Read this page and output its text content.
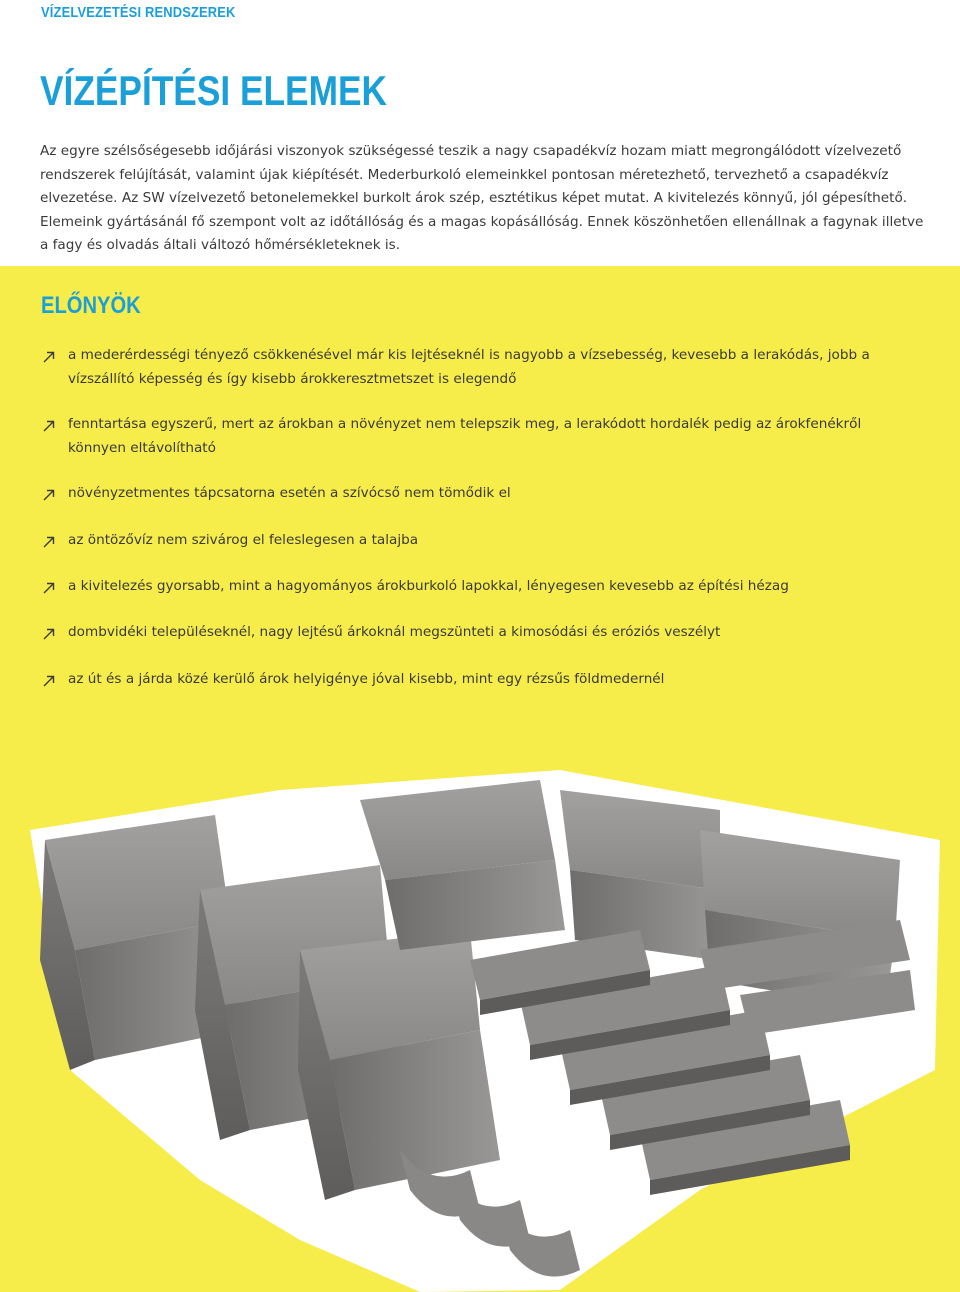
VÍZELVEZETÉSI RENDSZEREK
VÍZÉPÍTÉSI ELEMEK

Az egyre szélsőségesebb időjárási viszonyok szükségessé teszik a nagy csapadékvíz hozam miatt megrongálódott vízelvezető rendszerek felújítását, valamint újak kiépítését. Mederburkoló elemeinkkel pontosan méretezhető, tervezhető a csapadékvíz elvezetése. Az SW vízelvezető betonelemekkel burkolt árok szép, esztétikus képet mutat. A kivitelezés könnyű, jól gépesíthető. Elemeink gyártásánál fő szempont volt az időtállóság és a magas kopásállóság. Ennek köszönhetően ellenállnak a fagynak illetve a fagy és olvadás általi változó hőmérsékleteknek is.

ELŐNYÖK
a mederérdességi tényező csökkenésével már kis lejtéseknél is nagyobb a vízsebesség, kevesebb a lerakódás, jobb a vízszállító képesség és így kisebb árokkeresztmetszet is elegendő
fenntartása egyszerű, mert az árokban a növényzet nem telepszik meg, a lerakódott hordalék pedig az árokfenékről könnyen eltávolítható
növényzetmentes tápcsatorna esetén a szívócső nem tömődik el
az öntözővíz nem szivárog el feleslegesen a talajba
a kivitelezés gyorsabb, mint a hagyományos árokburkoló lapokkal, lényegesen kevesebb az építési hézag
dombvidéki településeknél, nagy lejtésű árkoknál megszünteti a kimosódási és eróziós veszélyt
az út és a járda közé kerülő árok helyigénye jóval kisebb, mint egy rézsűs földmedernél
